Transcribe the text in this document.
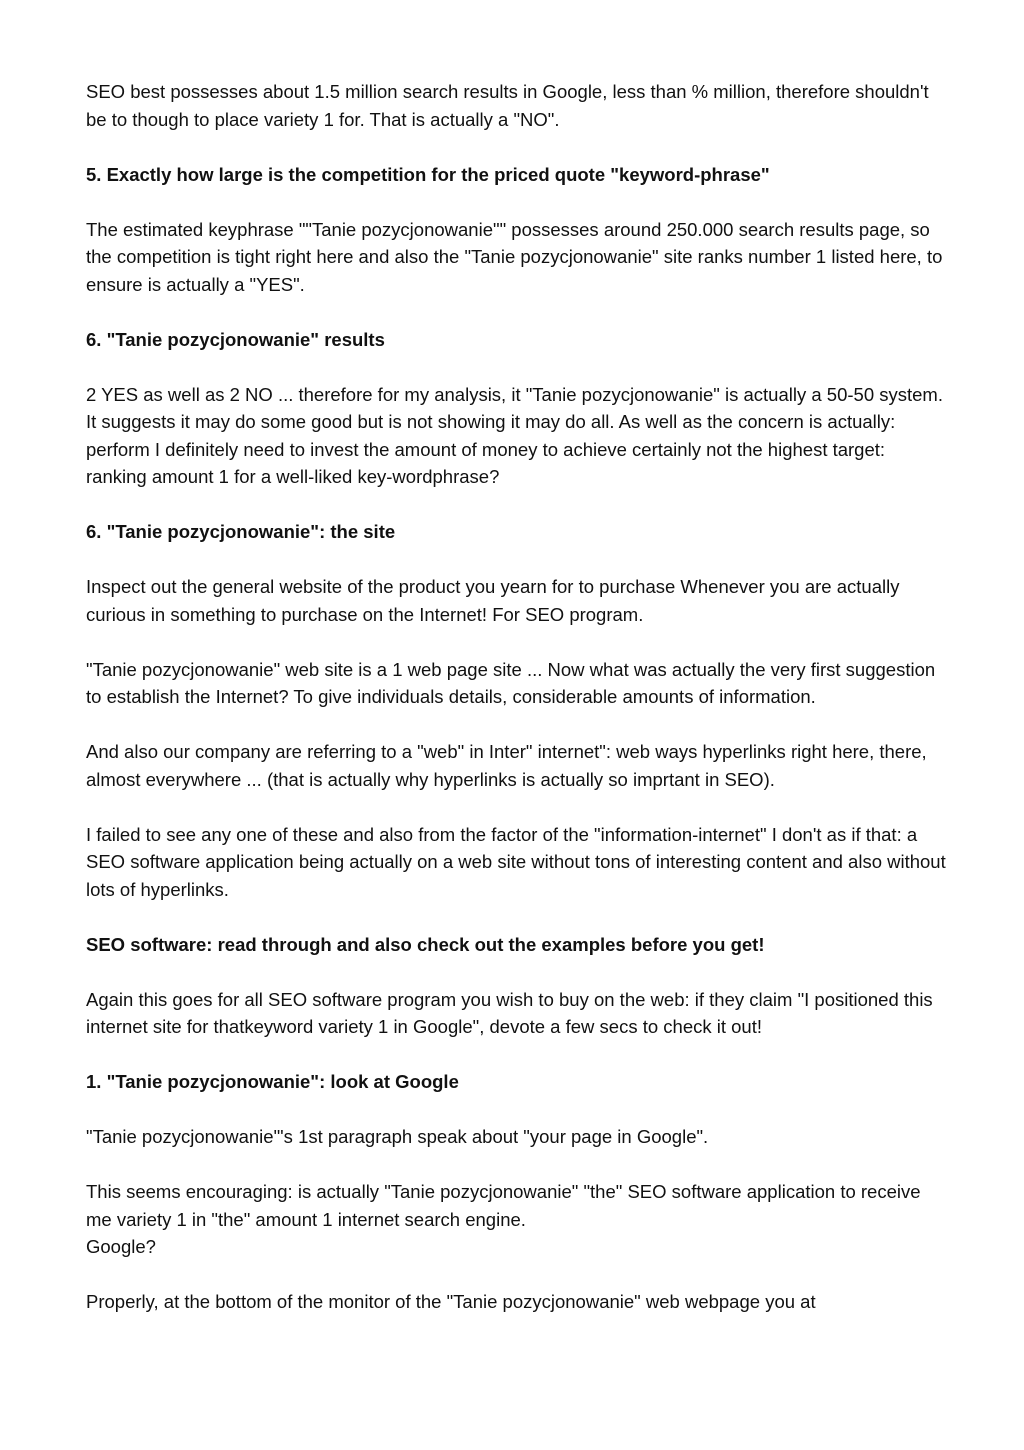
SEO best possesses about 1.5 million search results in Google, less than % million, therefore shouldn't be to though to place variety 1 for. That is actually a "NO".

5. Exactly how large is the competition for the priced quote "keyword-phrase"

The estimated keyphrase ""Tanie pozycjonowanie"" possesses around 250.000 search results page, so the competition is tight right here and also the "Tanie pozycjonowanie" site ranks number 1 listed here, to ensure is actually a "YES".

6. "Tanie pozycjonowanie" results

2 YES as well as 2 NO ... therefore for my analysis, it "Tanie pozycjonowanie" is actually a 50-50 system. It suggests it may do some good but is not showing it may do all. As well as the concern is actually: perform I definitely need to invest the amount of money to achieve certainly not the highest target: ranking amount 1 for a well-liked key-wordphrase?

6. "Tanie pozycjonowanie": the site

Inspect out the general website of the product you yearn for to purchase Whenever you are actually curious in something to purchase on the Internet! For SEO program.

"Tanie pozycjonowanie" web site is a 1 web page site ... Now what was actually the very first suggestion to establish the Internet? To give individuals details, considerable amounts of information.

And also our company are referring to a "web" in Inter" internet": web ways hyperlinks right here, there, almost everywhere ... (that is actually why hyperlinks is actually so imprtant in SEO).

I failed to see any one of these and also from the factor of the "information-internet" I don't as if that: a SEO software application being actually on a web site without tons of interesting content and also without lots of hyperlinks.

SEO software: read through and also check out the examples before you get!

Again this goes for all SEO software program you wish to buy on the web: if they claim "I positioned this internet site for thatkeyword variety 1 in Google", devote a few secs to check it out!

1. "Tanie pozycjonowanie": look at Google

"Tanie pozycjonowanie"'s 1st paragraph speak about "your page in Google".

This seems encouraging: is actually "Tanie pozycjonowanie" "the" SEO software application to receive me variety 1 in "the" amount 1 internet search engine.

Google?

Properly, at the bottom of the monitor of the "Tanie pozycjonowanie" web webpage you at
